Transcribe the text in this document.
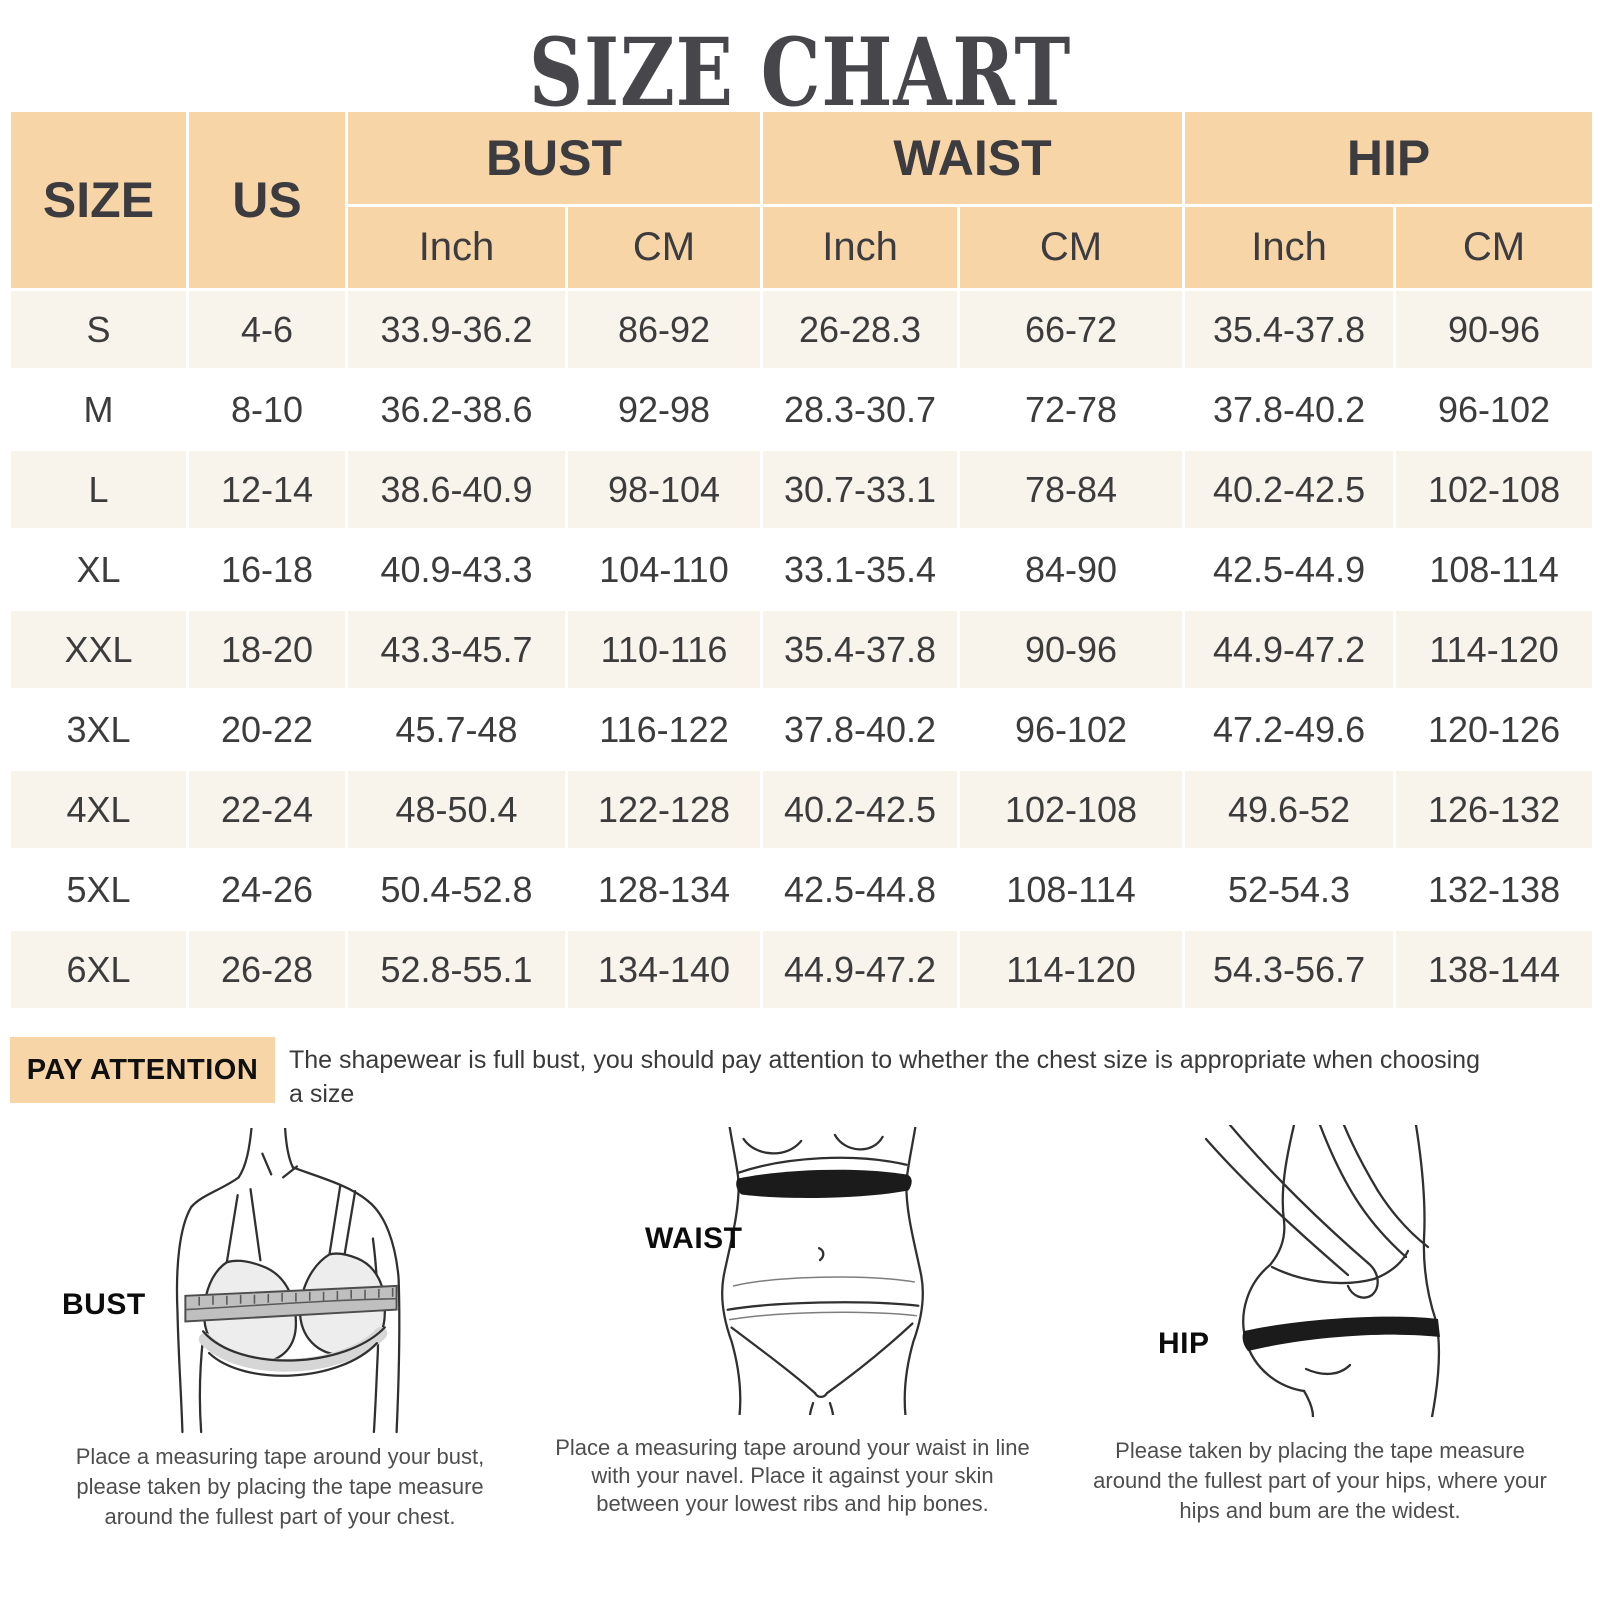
SIZE CHART
SIZE	US	BUST		WAIST		HIP	
		Inch	CM	Inch	CM	Inch	CM
S	4-6	33.9-36.2	86-92	26-28.3	66-72	35.4-37.8	90-96
M	8-10	36.2-38.6	92-98	28.3-30.7	72-78	37.8-40.2	96-102
L	12-14	38.6-40.9	98-104	30.7-33.1	78-84	40.2-42.5	102-108
XL	16-18	40.9-43.3	104-110	33.1-35.4	84-90	42.5-44.9	108-114
XXL	18-20	43.3-45.7	110-116	35.4-37.8	90-96	44.9-47.2	114-120
3XL	20-22	45.7-48	116-122	37.8-40.2	96-102	47.2-49.6	120-126
4XL	22-24	48-50.4	122-128	40.2-42.5	102-108	49.6-52	126-132
5XL	24-26	50.4-52.8	128-134	42.5-44.8	108-114	52-54.3	132-138
6XL	26-28	52.8-55.1	134-140	44.9-47.2	114-120	54.3-56.7	138-144
PAY ATTENTION	The shapewear is full bust, you should pay attention to whether the chest size is appropriate when choosing a size
BUST
Place a measuring tape around your bust, please taken by placing the tape measure around the fullest part of your chest.
WAIST
Place a measuring tape around your waist in line with your navel. Place it against your skin between your lowest ribs and hip bones.
HIP
Please taken by placing the tape measure around the fullest part of your hips, where your hips and bum are the widest.
